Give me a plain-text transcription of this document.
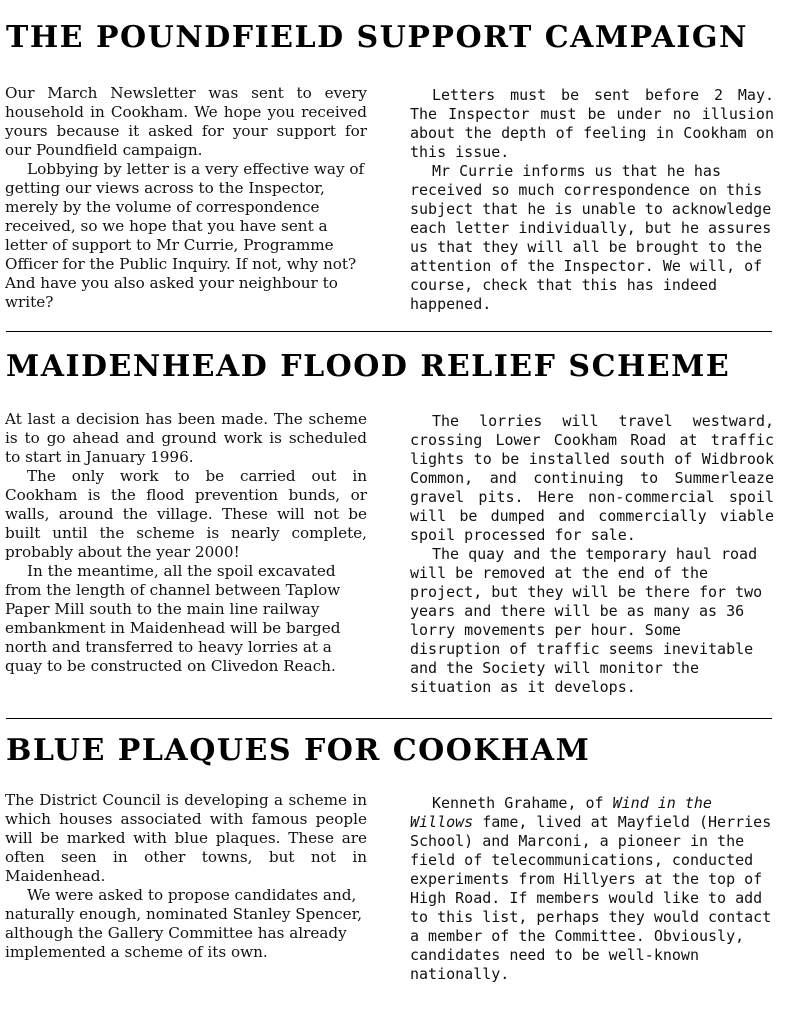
THE POUNDFIELD SUPPORT CAMPAIGN

Our March Newsletter was sent to every household in Cookham. We hope you received yours because it asked for your support for our Poundfield campaign.

Lobbying by letter is a very effective way of getting our views across to the Inspector, merely by the volume of correspondence received, so we hope that you have sent a letter of support to Mr Currie, Programme Officer for the Public Inquiry. If not, why not? And have you also asked your neighbour to write?

Letters must be sent before 2 May. The Inspector must be under no illusion about the depth of feeling in Cookham on this issue.

Mr Currie informs us that he has received so much correspondence on this subject that he is unable to acknowledge each letter individually, but he assures us that they will all be brought to the attention of the Inspector. We will, of course, check that this has indeed happened.

MAIDENHEAD FLOOD RELIEF SCHEME

At last a decision has been made. The scheme is to go ahead and ground work is scheduled to start in January 1996.

The only work to be carried out in Cookham is the flood prevention bunds, or walls, around the village. These will not be built until the scheme is nearly complete, probably about the year 2000!

In the meantime, all the spoil excavated from the length of channel between Taplow Paper Mill south to the main line railway embankment in Maidenhead will be barged north and transferred to heavy lorries at a quay to be constructed on Clivedon Reach.

The lorries will travel westward, crossing Lower Cookham Road at traffic lights to be installed south of Widbrook Common, and continuing to Summerleaze gravel pits. Here non-commercial spoil will be dumped and commercially viable spoil processed for sale.

The quay and the temporary haul road will be removed at the end of the project, but they will be there for two years and there will be as many as 36 lorry movements per hour. Some disruption of traffic seems inevitable and the Society will monitor the situation as it develops.

BLUE PLAQUES FOR COOKHAM

The District Council is developing a scheme in which houses associated with famous people will be marked with blue plaques. These are often seen in other towns, but not in Maidenhead.

We were asked to propose candidates and, naturally enough, nominated Stanley Spencer, although the Gallery Committee has already implemented a scheme of its own.

Kenneth Grahame, of Wind in the Willows fame, lived at Mayfield (Herries School) and Marconi, a pioneer in the field of telecommunications, conducted experiments from Hillyers at the top of High Road. If members would like to add to this list, perhaps they would contact a member of the Committee. Obviously, candidates need to be well-known nationally.
